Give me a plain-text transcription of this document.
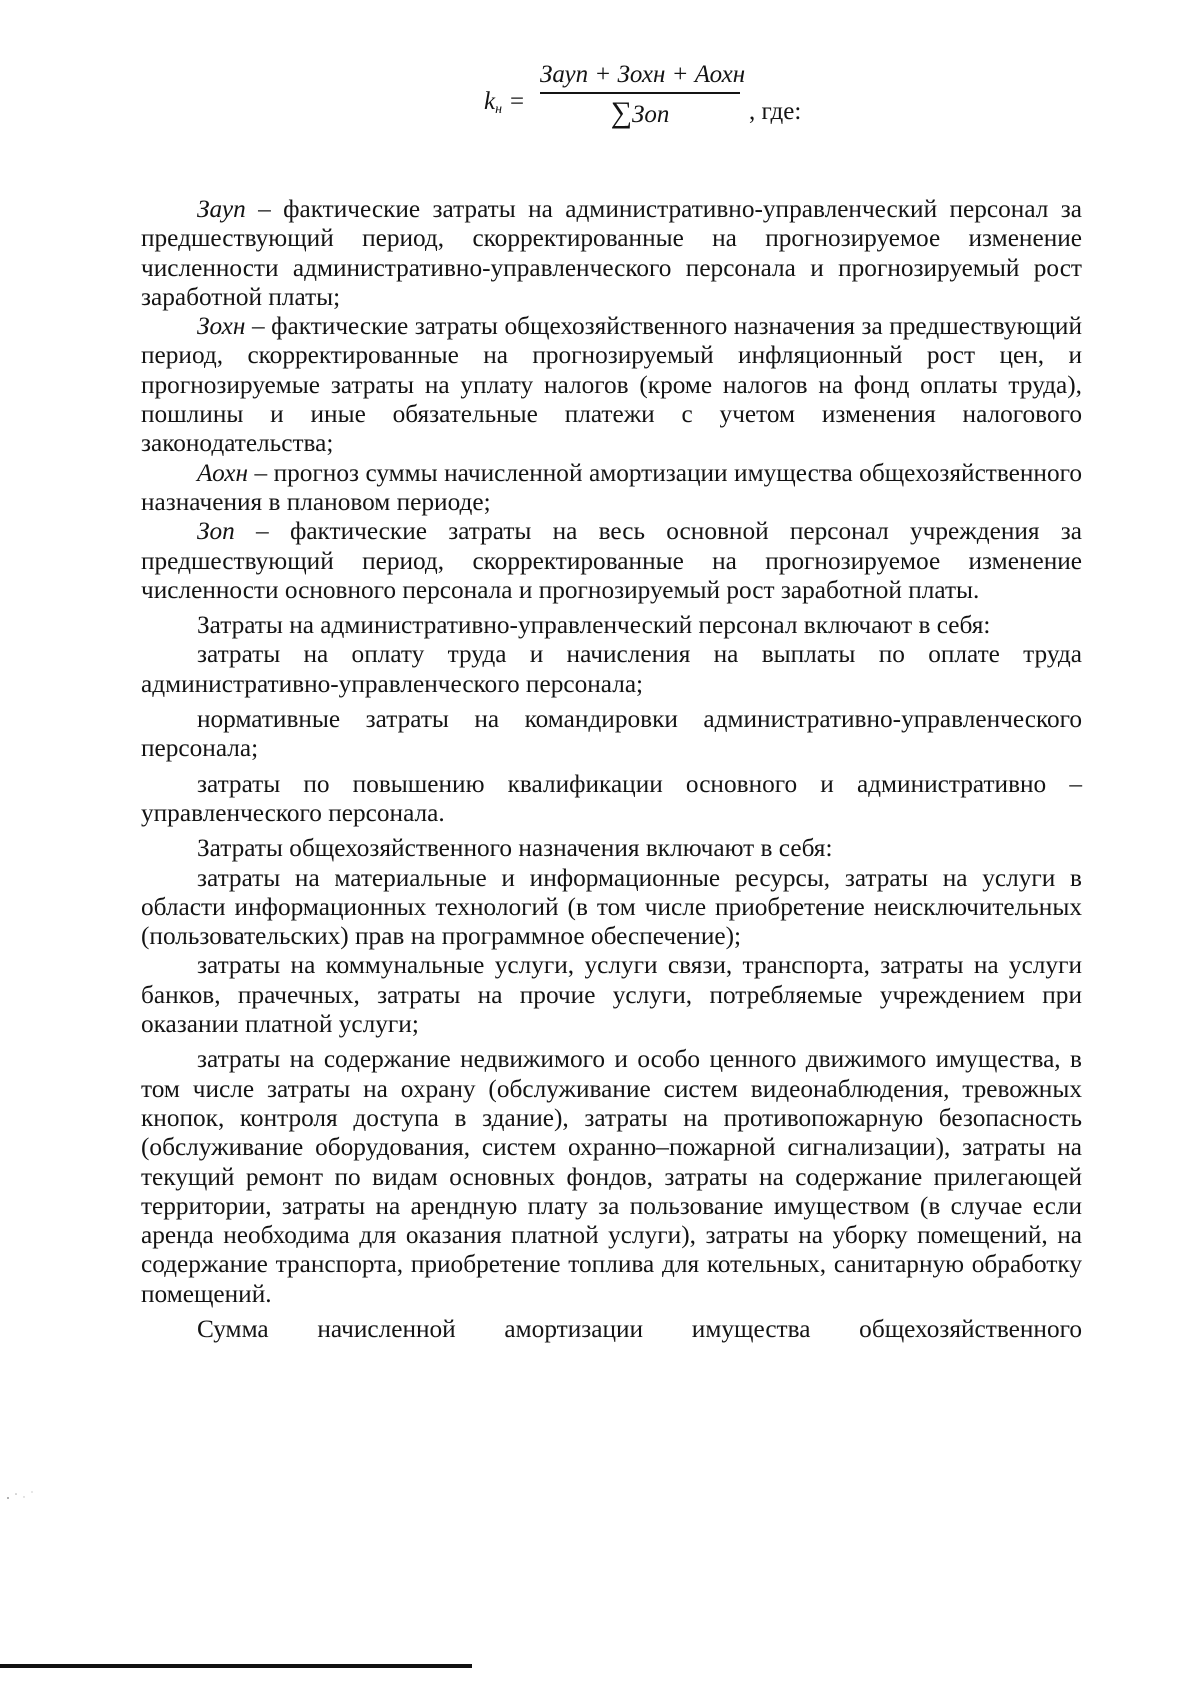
$k_н$ =
Зауп + Зохн + Аохн
∑Зоп	, где:

Зауп – фактические затраты на административно-управленческий персонал за предшествующий период, скорректированные на прогнозируемое изменение численности административно-управленческого персонала и прогнозируемый рост заработной платы;

Зохн – фактические затраты общехозяйственного назначения за предшествующий период, скорректированные на прогнозируемый инфляционный рост цен, и прогнозируемые затраты на уплату налогов (кроме налогов на фонд оплаты труда), пошлины и иные обязательные платежи с учетом изменения налогового законодательства;

Аохн – прогноз суммы начисленной амортизации имущества общехозяйственного назначения в плановом периоде;

Зоп – фактические затраты на весь основной персонал учреждения за предшествующий период, скорректированные на прогнозируемое изменение численности основного персонала и прогнозируемый рост заработной платы.

Затраты на административно-управленческий персонал включают в себя:

затраты на оплату труда и начисления на выплаты по оплате труда административно-управленческого персонала;

нормативные затраты на командировки административно-управленческого персонала;

затраты по повышению квалификации основного и административно – управленческого персонала.

Затраты общехозяйственного назначения включают в себя:

затраты на материальные и информационные ресурсы, затраты на услуги в области информационных технологий (в том числе приобретение неисключительных (пользовательских) прав на программное обеспечение);

затраты на коммунальные услуги, услуги связи, транспорта, затраты на услуги банков, прачечных, затраты на прочие услуги, потребляемые учреждением при оказании платной услуги;

затраты на содержание недвижимого и особо ценного движимого имущества, в том числе затраты на охрану (обслуживание систем видеонаблюдения, тревожных кнопок, контроля доступа в здание), затраты на противопожарную безопасность (обслуживание оборудования, систем охранно–пожарной сигнализации), затраты на текущий ремонт по видам основных фондов, затраты на содержание прилегающей территории, затраты на арендную плату за пользование имуществом (в случае если аренда необходима для оказания платной услуги), затраты на уборку помещений, на содержание транспорта, приобретение топлива для котельных, санитарную обработку помещений.

Сумма начисленной амортизации имущества общехозяйственного
